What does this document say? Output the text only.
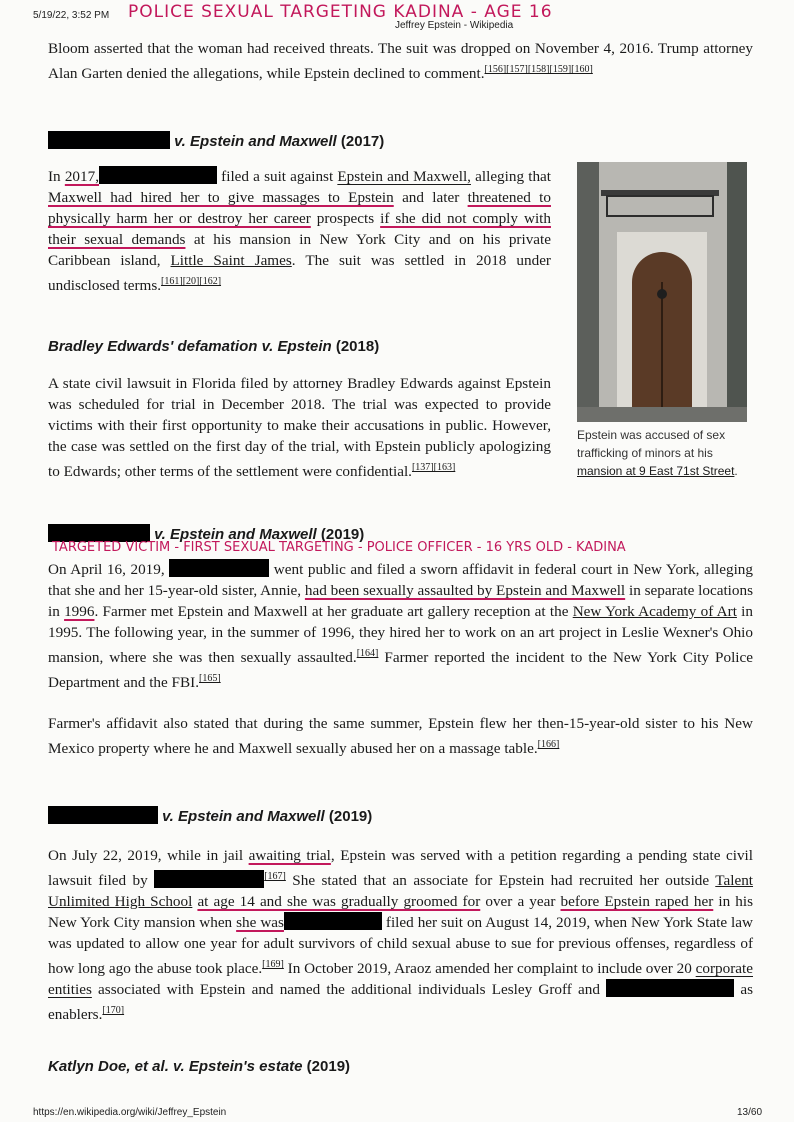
5/19/22, 3:52 PM POLICE SEXUAL TARGETING KADINA - AGE 16
Jeffrey Epstein - Wikipedia
Bloom asserted that the woman had received threats. The suit was dropped on November 4, 2016. Trump attorney Alan Garten denied the allegations, while Epstein declined to comment.[156][157][158][159][160]
v. Epstein and Maxwell (2017)
In 2017,	filed a suit against Epstein and Maxwell, alleging that Maxwell had hired her to give massages to Epstein and later threatened to physically harm her or destroy her career prospects if she did not comply with their sexual demands at his mansion in New York City and on his private Caribbean island, Little Saint James. The suit was settled in 2018 under undisclosed terms.[161][20][162]
Epstein was accused of sex trafficking of minors at his mansion at 9 East 71st Street.
Bradley Edwards' defamation v. Epstein (2018)
A state civil lawsuit in Florida filed by attorney Bradley Edwards against Epstein was scheduled for trial in December 2018. The trial was expected to provide victims with their first opportunity to make their accusations in public. However, the case was settled on the first day of the trial, with Epstein publicly apologizing to Edwards; other terms of the settlement were confidential.[137][163]
v. Epstein and Maxwell (2019)
TARGETED VICTIM - FIRST SEXUAL TARGETING - POLICE OFFICER - 16 YRS OLD - KADINA
On April 16, 2019,	went public and filed a sworn affidavit in federal court in New York, alleging that she and her 15-year-old sister, Annie, had been sexually assaulted by Epstein and Maxwell in separate locations in 1996. Farmer met Epstein and Maxwell at her graduate art gallery reception at the New York Academy of Art in 1995. The following year, in the summer of 1996, they hired her to work on an art project in Leslie Wexner's Ohio mansion, where she was then sexually assaulted.[164] Farmer reported the incident to the New York City Police Department and the FBI.[165]
Farmer's affidavit also stated that during the same summer, Epstein flew her then-15-year-old sister to his New Mexico property where he and Maxwell sexually abused her on a massage table.[166]
v. Epstein and Maxwell (2019)
On July 22, 2019, while in jail awaiting trial, Epstein was served with a petition regarding a pending state civil lawsuit filed by	[167] She stated that an associate for Epstein had recruited her outside Talent Unlimited High School at age 14 and she was gradually groomed for over a year before Epstein raped her in his New York City mansion when she was	filed her suit on August 14, 2019, when New York State law was updated to allow one year for adult survivors of child sexual abuse to sue for previous offenses, regardless of how long ago the abuse took place.[169] In October 2019, Araoz amended her complaint to include over 20 corporate entities associated with Epstein and named the additional individuals Lesley Groff and	as enablers.[170]
Katlyn Doe, et al. v. Epstein's estate (2019)
https://en.wikipedia.org/wiki/Jeffrey_Epstein	13/60
